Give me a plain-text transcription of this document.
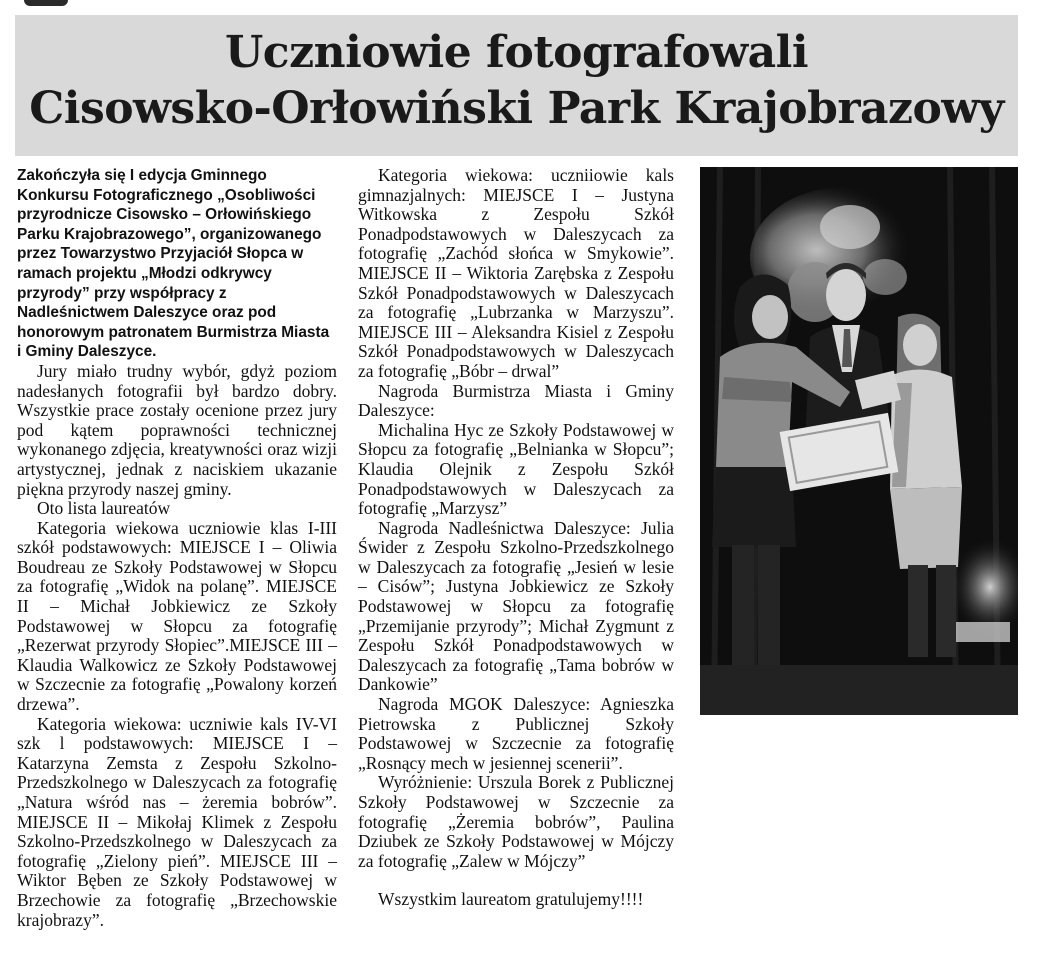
Uczniowie fotografowali
Cisowsko-Orłowiński Park Krajobrazowy
Zakończyła się I edycja Gminnego Konkursu Fotograficznego „Osobliwości przyrodnicze Cisowsko – Orłowińskiego Parku Krajobrazowego”, organizowanego przez Towarzystwo Przyjaciół Słopca w ramach projektu „Młodzi odkrywcy przyrody” przy współpracy z Nadleśnictwem Daleszyce oraz pod honorowym patronatem Burmistrza Miasta i Gminy Daleszyce.

Jury miało trudny wybór, gdyż poziom nadesłanych fotografii był bardzo dobry. Wszystkie prace zostały ocenione przez jury pod kątem poprawności technicznej wykonanego zdjęcia, kreatywności oraz wizji artystycznej, jednak z naciskiem ukazanie piękna przyrody naszej gminy.

Oto lista laureatów

Kategoria wiekowa uczniowie klas I-III szkół podstawowych: MIEJSCE I – Oliwia Boudreau ze Szkoły Podstawowej w Słopcu za fotografię „Widok na polanę”. MIEJSCE II – Michał Jobkiewicz ze Szkoły Podstawowej w Słopcu za fotografię „Rezerwat przyrody Słopiec”.MIEJSCE III – Klaudia Walkowicz ze Szkoły Podstawowej w Szczecnie za fotografię „Powalony korzeń drzewa”.

Kategoria wiekowa: uczniwie kals IV-VI szk l podstawowych: MIEJSCE I – Katarzyna Zemsta z Zespołu Szkolno-Przedszkolnego w Daleszycach za fotografię „Natura wśród nas – żeremia bobrów”. MIEJSCE II – Mikołaj Klimek z Zespołu Szkolno-Przedszkolnego w Daleszycach za fotografię „Zielony pień”. MIEJSCE III – Wiktor Bęben ze Szkoły Podstawowej w Brzechowie za fotografię „Brzechowskie krajobrazy”.

Kategoria wiekowa: uczniiowie kals gimnazjalnych: MIEJSCE I – Justyna Witkowska z Zespołu Szkół Ponadpodstawowych w Daleszycach za fotografię „Zachód słońca w Smykowie”. MIEJSCE II – Wiktoria Zarębska z Zespołu Szkół Ponadpodstawowych w Daleszycach za fotografię „Lubrzanka w Marzyszu”. MIEJSCE III – Aleksandra Kisiel z Zespołu Szkół Ponadpodstawowych w Daleszycach za fotografię „Bóbr – drwal”

Nagroda Burmistrza Miasta i Gminy Daleszyce:

Michalina Hyc ze Szkoły Podstawowej w Słopcu za fotografię „Belnianka w Słopcu”; Klaudia Olejnik z Zespołu Szkół Ponadpodstawowych w Daleszycach za fotografię „Marzysz”

Nagroda Nadleśnictwa Daleszyce: Julia Świder z Zespołu Szkolno-Przedszkolnego w Daleszycach za fotografię „Jesień w lesie – Cisów”; Justyna Jobkiewicz ze Szkoły Podstawowej w Słopcu za fotografię „Przemijanie przyrody”; Michał Zygmunt z Zespołu Szkół Ponadpodstawowych w Daleszycach za fotografię „Tama bobrów w Dankowie”

Nagroda MGOK Daleszyce: Agnieszka Pietrowska z Publicznej Szkoły Podstawowej w Szczecnie za fotografię „Rosnący mech w jesiennej scenerii”.

Wyróżnienie: Urszula Borek z Publicznej Szkoły Podstawowej w Szczecnie za fotografię „Żeremia bobrów”, Paulina Dziubek ze Szkoły Podstawowej w Mójczy za fotografię „Zalew w Mójczy”

Wszystkim laureatom gratulujemy!!!!
